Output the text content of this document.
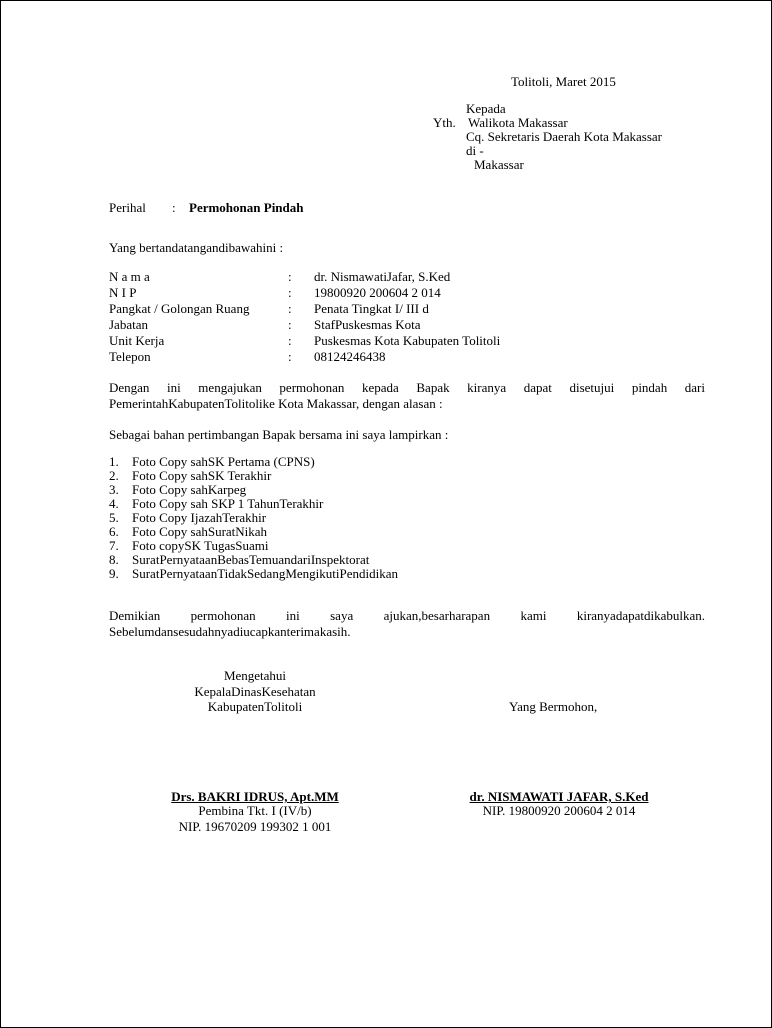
Tolitoli, Maret 2015
Kepada
Yth. Walikota Makassar
Cq. Sekretaris Daerah Kota Makassar
di -
Makassar
Perihal : Permohonan Pindah
Yang bertandatangandibawahini :
N a m a	: dr. NismawatiJafar, S.Ked
N I P	: 19800920 200604 2 014
Pangkat / Golongan Ruang	: Penata Tingkat I/ III d
Jabatan	: StafPuskesmas Kota
Unit Kerja	: Puskesmas Kota Kabupaten Tolitoli
Telepon	: 08124246438
Dengan ini mengajukan permohonan kepada Bapak kiranya dapat disetujui pindah dari
PemerintahKabupatenTolitolike Kota Makassar, dengan alasan :
Sebagai bahan pertimbangan Bapak bersama ini saya lampirkan :
1. Foto Copy sahSK Pertama (CPNS)
2. Foto Copy sahSK Terakhir
3. Foto Copy sahKarpeg
4. Foto Copy sah SKP 1 TahunTerakhir
5. Foto Copy IjazahTerakhir
6. Foto Copy sahSuratNikah
7. Foto copySK TugasSuami
8. SuratPernyataanBebasTemuandariInspektorat
9. SuratPernyataanTidakSedangMengikutiPendidikan
Demikian permohonan ini saya ajukan,besarharapan kami kiranyadapatdikabulkan.
Sebelumdansesudahnyadiucapkanterimakasih.
Mengetahui
KepalaDinasKesehatan
KabupatenTolitoli
Drs. BAKRI IDRUS, Apt.MM
Pembina Tkt. I (IV/b)
NIP. 19670209 199302 1 001
Yang Bermohon,
dr. NISMAWATI JAFAR, S.Ked
NIP. 19800920 200604 2 014
